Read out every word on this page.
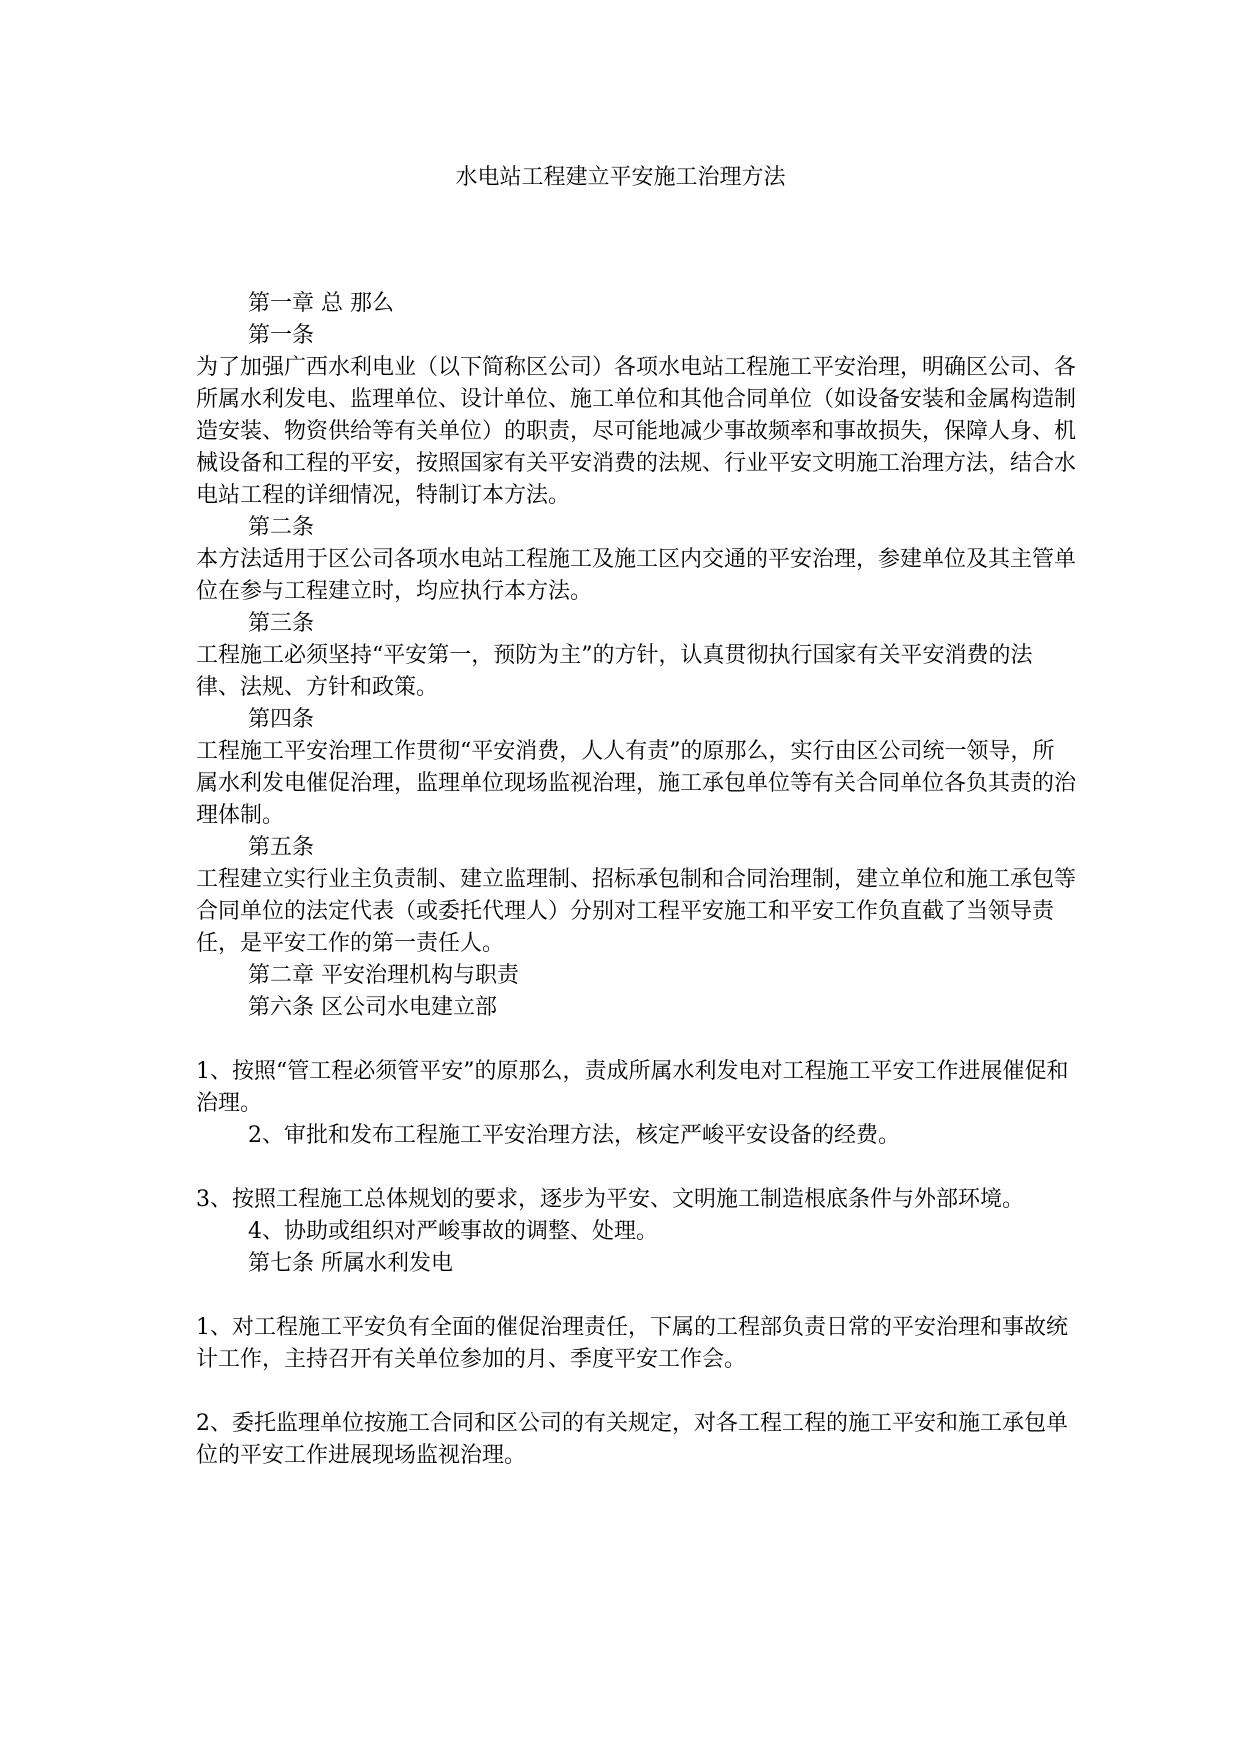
水电站工程建立平安施工治理方法

第一章 总 那么

第一条

为了加强广西水利电业（以下简称区公司）各项水电站工程施工平安治理，明确区公司、各所属水利发电、监理单位、设计单位、施工单位和其他合同单位（如设备安装和金属构造制造安装、物资供给等有关单位）的职责，尽可能地减少事故频率和事故损失，保障人身、机械设备和工程的平安，按照国家有关平安消费的法规、行业平安文明施工治理方法，结合水电站工程的详细情况，特制订本方法。

第二条

本方法适用于区公司各项水电站工程施工及施工区内交通的平安治理，参建单位及其主管单位在参与工程建立时，均应执行本方法。

第三条

工程施工必须坚持“平安第一，预防为主”的方针，认真贯彻执行国家有关平安消费的法律、法规、方针和政策。

第四条

工程施工平安治理工作贯彻“平安消费，人人有责”的原那么，实行由区公司统一领导，所属水利发电催促治理，监理单位现场监视治理，施工承包单位等有关合同单位各负其责的治理体制。

第五条

工程建立实行业主负责制、建立监理制、招标承包制和合同治理制，建立单位和施工承包等合同单位的法定代表（或委托代理人）分别对工程平安施工和平安工作负直截了当领导责任，是平安工作的第一责任人。

第二章 平安治理机构与职责

第六条 区公司水电建立部

1、按照“管工程必须管平安”的原那么，责成所属水利发电对工程施工平安工作进展催促和治理。

2、审批和发布工程施工平安治理方法，核定严峻平安设备的经费。

3、按照工程施工总体规划的要求，逐步为平安、文明施工制造根底条件与外部环境。

4、协助或组织对严峻事故的调整、处理。

第七条 所属水利发电

1、对工程施工平安负有全面的催促治理责任，下属的工程部负责日常的平安治理和事故统计工作，主持召开有关单位参加的月、季度平安工作会。

2、委托监理单位按施工合同和区公司的有关规定，对各工程工程的施工平安和施工承包单位的平安工作进展现场监视治理。
